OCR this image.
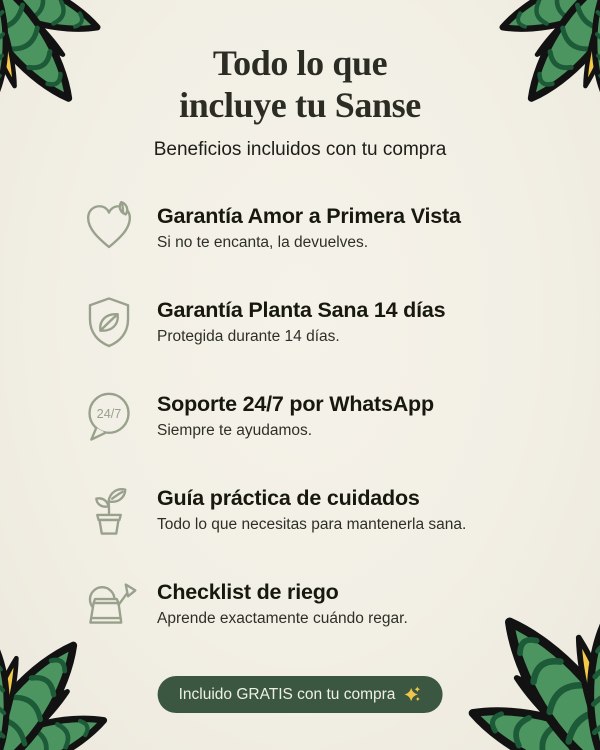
Todo lo que
incluye tu Sanse

Beneficios incluidos con tu compra

Garantía Amor a Primera Vista

Si no te encanta, la devuelves.

Garantía Planta Sana 14 días

Protegida durante 14 días.

24/7 Soporte 24/7 por WhatsApp

Siempre te ayudamos.

Guía práctica de cuidados

Todo lo que necesitas para mantenerla sana.

Checklist de riego

Aprende exactamente cuándo regar.

Incluido GRATIS con tu compra
